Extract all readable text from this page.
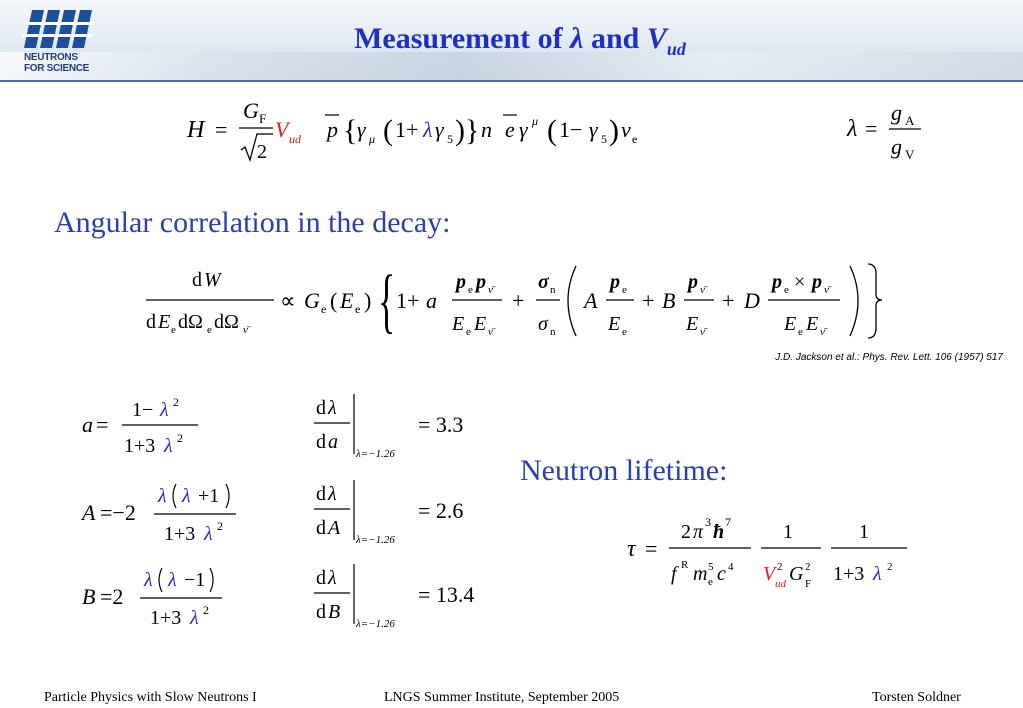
NEUTRONS
FOR SCIENCE
Measurement of λ and $V_{ud}$
H =
G F
2
V ud p { γ μ ( 1+ λ γ 5 ) } n e γ μ ( 1− γ 5 ) ν e	λ =
g A
g V
Angular correlation in the decay:
d W
d E e dΩ e dΩ ν̄
∝ G e ( E e ) { 1+ a
p e p ν̄
E e E ν̄
+
σ n
σ n
A
p e
E e
+ B
p ν̄
E ν̄
+ D
p e × p ν̄
E e E ν̄
J.D. Jackson et al.: Phys. Rev. Lett. 106 (1957) 517
a =
1− λ 2
1+3 λ 2
A =−2
λ λ +1
1+3 λ 2
B =2
λ λ −1
1+3 λ 2
d λ
d a
λ=−1.26
= 3.3
d λ
d A
λ=−1.26
= 2.6
d λ
d B
λ=−1.26
= 13.4
Neutron lifetime:
τ =
2 π 3 ħ 7
f R m 5
e c 4
1
V 2
ud G 2
F
1
1+3 λ 2
Particle Physics with Slow Neutrons I	LNGS Summer Institute, September 2005	Torsten Soldner
